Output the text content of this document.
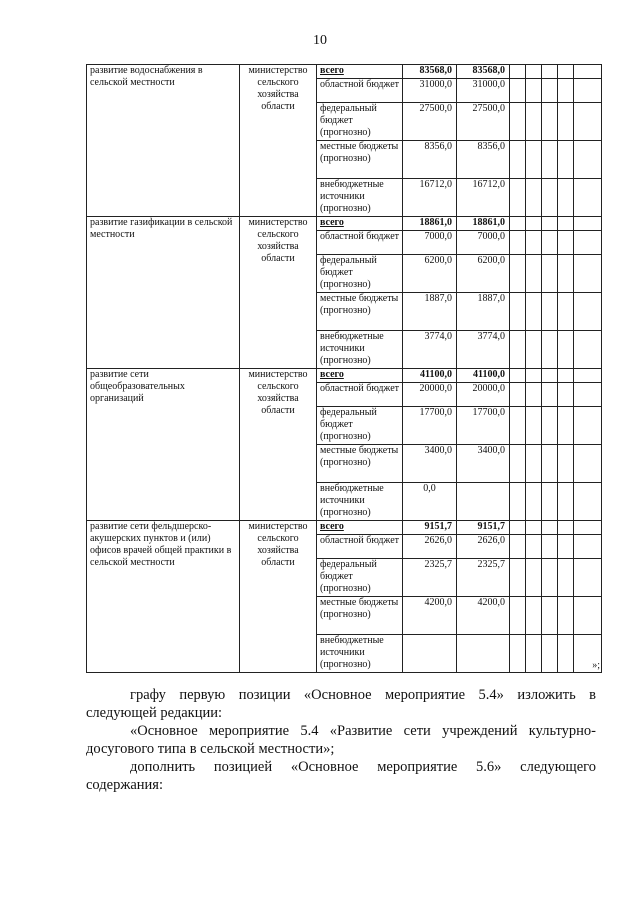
10
развитие водоснабжения в сельской местности	министерство сельского хозяйства области	всего	83568,0	83568,0					
		областной бюджет	31000,0	31000,0					
		федеральный бюджет (прогнозно)	27500,0	27500,0					
		местные бюджеты (прогнозно)	8356,0	8356,0					
		внебюджетные источники (прогнозно)	16712,0	16712,0					
развитие газификации в сельской местности	министерство сельского хозяйства области	всего	18861,0	18861,0					
		областной бюджет	7000,0	7000,0					
		федеральный бюджет (прогнозно)	6200,0	6200,0					
		местные бюджеты (прогнозно)	1887,0	1887,0					
		внебюджетные источники (прогнозно)	3774,0	3774,0					
развитие сети общеобразовательных организаций	министерство сельского хозяйства области	всего	41100,0	41100,0					
		областной бюджет	20000,0	20000,0					
		федеральный бюджет (прогнозно)	17700,0	17700,0					
		местные бюджеты (прогнозно)	3400,0	3400,0					
		внебюджетные источники (прогнозно)	0,0						
развитие сети фельдшерско-акушерских пунктов и (или) офисов врачей общей практики в сельской местности	министерство сельского хозяйства области	всего	9151,7	9151,7					
		областной бюджет	2626,0	2626,0					
		федеральный бюджет (прогнозно)	2325,7	2325,7					
		местные бюджеты (прогнозно)	4200,0	4200,0					
		внебюджетные источники (прогнозно)							»;
графу первую позиции «Основное мероприятие 5.4» изложить в следующей редакции:
«Основное мероприятие 5.4 «Развитие сети учреждений культурно-досугового типа в сельской местности»;
дополнить позицией «Основное мероприятие 5.6» следующего содержания:
